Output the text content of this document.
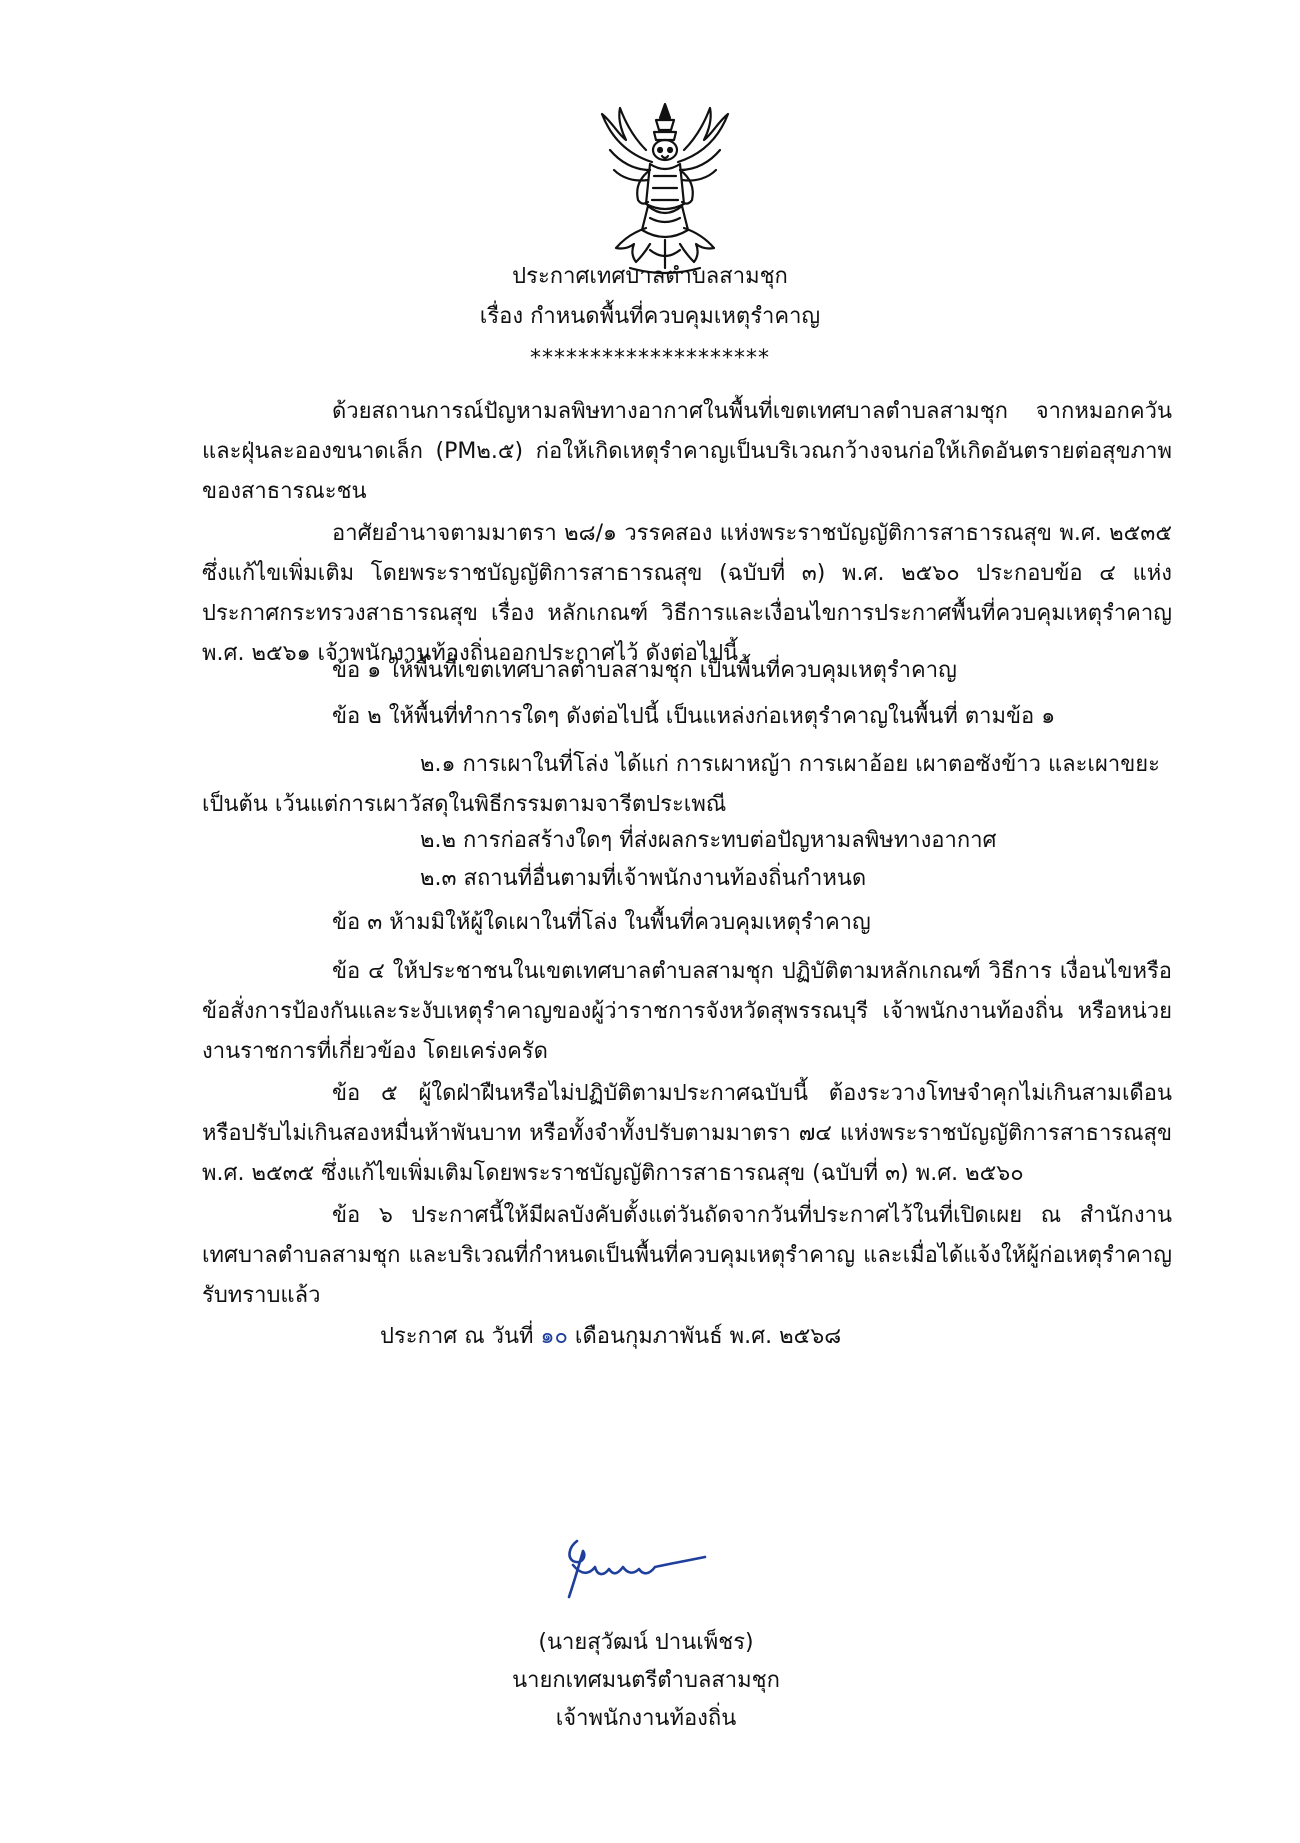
ประกาศเทศบาลตำบลสามชุก
เรื่อง กำหนดพื้นที่ควบคุมเหตุรำคาญ
********************
ด้วยสถานการณ์ปัญหามลพิษทางอากาศในพื้นที่เขตเทศบาลตำบลสามชุก จากหมอกควันและฝุ่นละอองขนาดเล็ก (PM๒.๕) ก่อให้เกิดเหตุรำคาญเป็นบริเวณกว้างจนก่อให้เกิดอันตรายต่อสุขภาพของสาธารณะชน
อาศัยอำนาจตามมาตรา ๒๘/๑ วรรคสอง แห่งพระราชบัญญัติการสาธารณสุข พ.ศ. ๒๕๓๕ ซึ่งแก้ไขเพิ่มเติม โดยพระราชบัญญัติการสาธารณสุข (ฉบับที่ ๓) พ.ศ. ๒๕๖๐ ประกอบข้อ ๔ แห่งประกาศกระทรวงสาธารณสุข เรื่อง หลักเกณฑ์ วิธีการและเงื่อนไขการประกาศพื้นที่ควบคุมเหตุรำคาญ พ.ศ. ๒๕๖๑ เจ้าพนักงานท้องถิ่นออกประกาศไว้ ดังต่อไปนี้
ข้อ ๑ ให้พื้นที่เขตเทศบาลตำบลสามชุก เป็นพื้นที่ควบคุมเหตุรำคาญ
ข้อ ๒ ให้พื้นที่ทำการใดๆ ดังต่อไปนี้ เป็นแหล่งก่อเหตุรำคาญในพื้นที่ ตามข้อ ๑
๒.๑ การเผาในที่โล่ง ได้แก่ การเผาหญ้า การเผาอ้อย เผาตอซังข้าว และเผาขยะ
เป็นต้น เว้นแต่การเผาวัสดุในพิธีกรรมตามจารีตประเพณี
๒.๒ การก่อสร้างใดๆ ที่ส่งผลกระทบต่อปัญหามลพิษทางอากาศ
๒.๓ สถานที่อื่นตามที่เจ้าพนักงานท้องถิ่นกำหนด
ข้อ ๓ ห้ามมิให้ผู้ใดเผาในที่โล่ง ในพื้นที่ควบคุมเหตุรำคาญ
ข้อ ๔ ให้ประชาชนในเขตเทศบาลตำบลสามชุก ปฏิบัติตามหลักเกณฑ์ วิธีการ เงื่อนไขหรือข้อสั่งการป้องกันและระงับเหตุรำคาญของผู้ว่าราชการจังหวัดสุพรรณบุรี เจ้าพนักงานท้องถิ่น หรือหน่วยงานราชการที่เกี่ยวข้อง โดยเคร่งครัด
ข้อ ๕ ผู้ใดฝ่าฝืนหรือไม่ปฏิบัติตามประกาศฉบับนี้ ต้องระวางโทษจำคุกไม่เกินสามเดือน หรือปรับไม่เกินสองหมื่นห้าพันบาท หรือทั้งจำทั้งปรับตามมาตรา ๗๔ แห่งพระราชบัญญัติการสาธารณสุข พ.ศ. ๒๕๓๕ ซึ่งแก้ไขเพิ่มเติมโดยพระราชบัญญัติการสาธารณสุข (ฉบับที่ ๓) พ.ศ. ๒๕๖๐
ข้อ ๖ ประกาศนี้ให้มีผลบังคับตั้งแต่วันถัดจากวันที่ประกาศไว้ในที่เปิดเผย ณ สำนักงานเทศบาลตำบลสามชุก และบริเวณที่กำหนดเป็นพื้นที่ควบคุมเหตุรำคาญ และเมื่อได้แจ้งให้ผู้ก่อเหตุรำคาญรับทราบแล้ว
ประกาศ ณ วันที่ ๑๐ เดือนกุมภาพันธ์ พ.ศ. ๒๕๖๘
(นายสุวัฒน์ ปานเพ็ชร)
นายกเทศมนตรีตำบลสามชุก
เจ้าพนักงานท้องถิ่น
